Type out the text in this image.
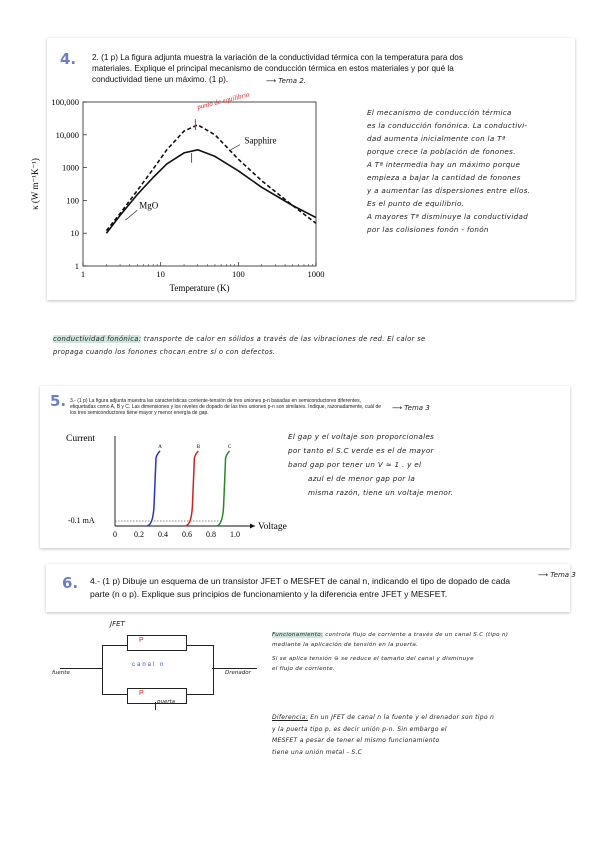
4. 2. (1 p) La figura adjunta muestra la variación de la conductividad térmica con la temperatura para dos materiales. Explique el principal mecanismo de conducción térmica en estos materiales y por qué la conductividad tiene un máximo. (1 p).	⟶ Tema 2.
1	10	100	1000
1
10
100
1000
10,000
100,000
Temperature (K)
κ (W m⁻¹K⁻¹)	MgO
Sapphire
punto de equilibrio
El mecanismo de conducción térmica
es la conducción fonónica. La conductivi-
dad aumenta inicialmente con la Tª
porque crece la población de fonones.
A Tª intermedia hay un máximo porque
empieza a bajar la cantidad de fonones
y a aumentar las dispersiones entre ellos.
Es el punto de equilibrio.
A mayores Tª disminuye la conductividad
por las colisiones fonón - fonón
conductividad fonónica: transporte de calor en sólidos a través de las vibraciones de red. El calor se
propaga cuando los fonones chocan entre sí o con defectos.
5. 3.- (1 p) La figura adjunta muestra las características corriente-tensión de tres uniones p-n basadas en semiconductores diferentes, etiquetadas como A, B y C. Las dimensiones y los niveles de dopado de las tres uniones p-n son similares. Indique, razonadamente, cuál de los tres semiconductores tiene mayor y menor energía de gap.
⟶ Tema 3
Current
Voltage
-0.1 mA
0 0.2 0.4 0.6 0.8 1.0
A	B	C
El gap y el voltaje son proporcionales
por tanto el S.C verde es el de mayor
band gap por tener un V ≈ 1 . y el
azul el de menor gap por la
misma razón, tiene un voltaje menor.
6. 4.- (1 p) Dibuje un esquema de un transistor JFET o MESFET de canal n, indicando el tipo de dopado de cada parte (n o p). Explique sus principios de funcionamiento y la diferencia entre JFET y MESFET.
⟶ Tema 3
JFET
P
P
canal n
fuente	Drenador
puerta
Funcionamiento: controla flujo de corriente a través de un canal S.C (tipo n)
mediante la aplicación de tensión en la puerta.
Si se aplica tensión ⊖ se reduce el tamaño del canal y disminuye
el flujo de corriente.
Diferencia: En un JFET de canal n la fuente y el drenador son tipo n
y la puerta tipo p, es decir unión p-n. Sin embargo el
MESFET a pesar de tener el mismo funcionamiento
tiene una unión metal - S.C
